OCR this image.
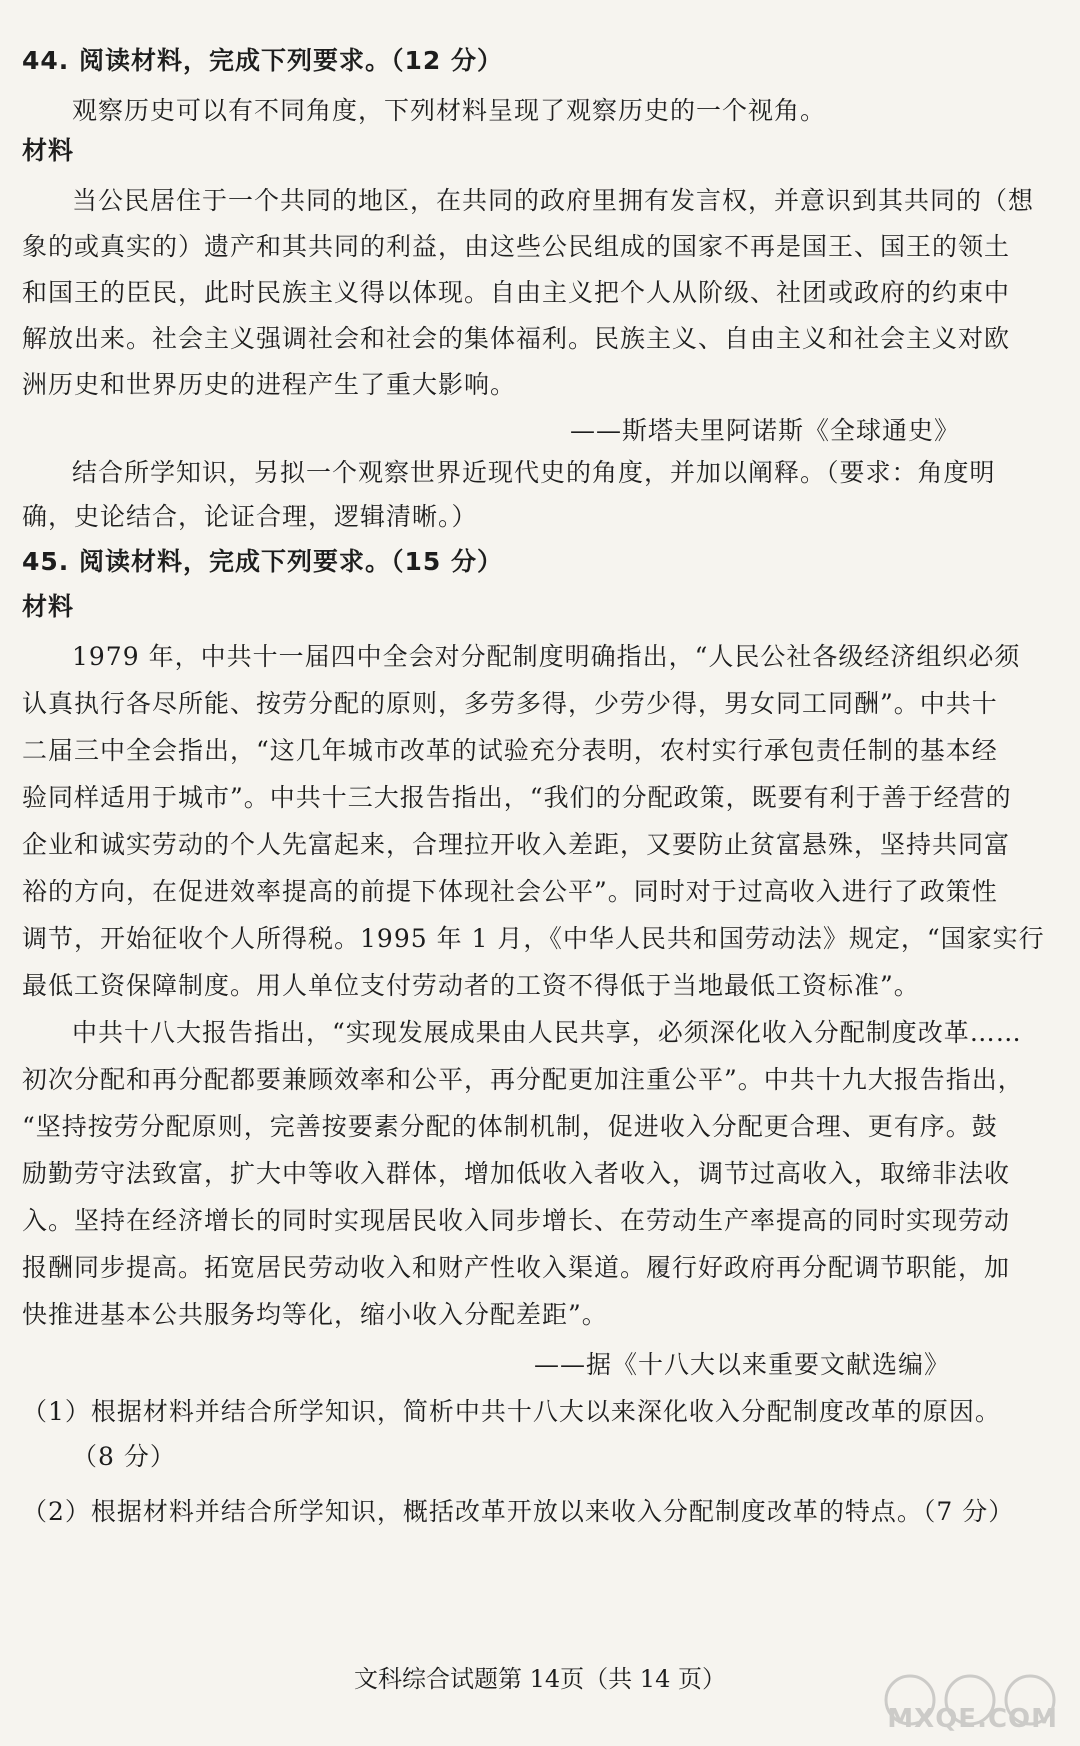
44. 阅读材料，完成下列要求。（12 分）
观察历史可以有不同角度，下列材料呈现了观察历史的一个视角。
材料
当公民居住于一个共同的地区，在共同的政府里拥有发言权，并意识到其共同的（想
象的或真实的）遗产和其共同的利益，由这些公民组成的国家不再是国王、国王的领土
和国王的臣民，此时民族主义得以体现。自由主义把个人从阶级、社团或政府的约束中
解放出来。社会主义强调社会和社会的集体福利。民族主义、自由主义和社会主义对欧
洲历史和世界历史的进程产生了重大影响。
——斯塔夫里阿诺斯《全球通史》
结合所学知识，另拟一个观察世界近现代史的角度，并加以阐释。（要求：角度明
确，史论结合，论证合理，逻辑清晰。）
45. 阅读材料，完成下列要求。（15 分）
材料
1979 年，中共十一届四中全会对分配制度明确指出，“人民公社各级经济组织必须
认真执行各尽所能、按劳分配的原则，多劳多得，少劳少得，男女同工同酬”。中共十
二届三中全会指出，“这几年城市改革的试验充分表明，农村实行承包责任制的基本经
验同样适用于城市”。中共十三大报告指出，“我们的分配政策，既要有利于善于经营的
企业和诚实劳动的个人先富起来，合理拉开收入差距，又要防止贫富悬殊，坚持共同富
裕的方向，在促进效率提高的前提下体现社会公平”。同时对于过高收入进行了政策性
调节，开始征收个人所得税。1995 年 1 月，《中华人民共和国劳动法》规定，“国家实行
最低工资保障制度。用人单位支付劳动者的工资不得低于当地最低工资标准”。
中共十八大报告指出，“实现发展成果由人民共享，必须深化收入分配制度改革……
初次分配和再分配都要兼顾效率和公平，再分配更加注重公平”。中共十九大报告指出，
“坚持按劳分配原则，完善按要素分配的体制机制，促进收入分配更合理、更有序。鼓
励勤劳守法致富，扩大中等收入群体，增加低收入者收入，调节过高收入，取缔非法收
入。坚持在经济增长的同时实现居民收入同步增长、在劳动生产率提高的同时实现劳动
报酬同步提高。拓宽居民劳动收入和财产性收入渠道。履行好政府再分配调节职能，加
快推进基本公共服务均等化，缩小收入分配差距”。
——据《十八大以来重要文献选编》
（1）根据材料并结合所学知识，简析中共十八大以来深化收入分配制度改革的原因。
（8 分）
（2）根据材料并结合所学知识，概括改革开放以来收入分配制度改革的特点。（7 分）
文科综合试题第 14页（共 14 页）
MXQE.COM
